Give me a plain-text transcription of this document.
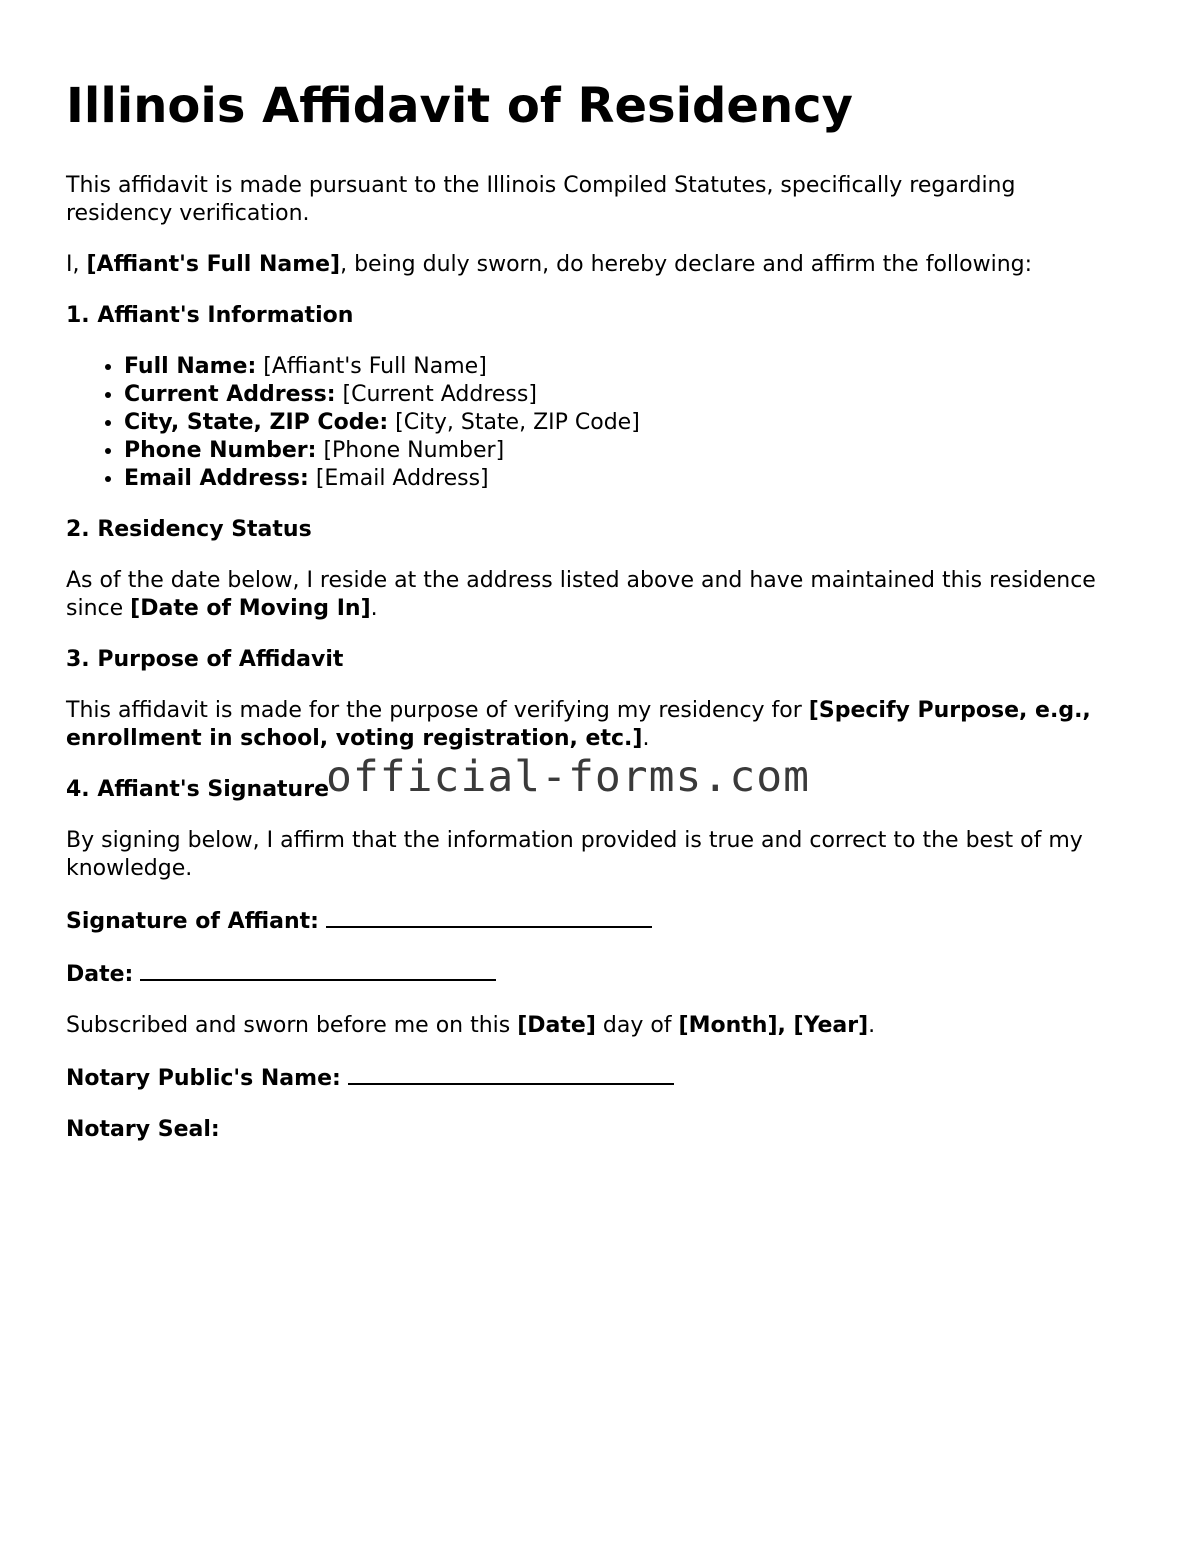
Illinois Affidavit of Residency

This affidavit is made pursuant to the Illinois Compiled Statutes, specifically regarding residency verification.

I, [Affiant's Full Name], being duly sworn, do hereby declare and affirm the following:

1. Affiant's Information
• Full Name: [Affiant's Full Name]
• Current Address: [Current Address]
• City, State, ZIP Code: [City, State, ZIP Code]
• Phone Number: [Phone Number]
• Email Address: [Email Address]
2. Residency Status

As of the date below, I reside at the address listed above and have maintained this residence since [Date of Moving In].

3. Purpose of Affidavit

This affidavit is made for the purpose of verifying my residency for [Specify Purpose, e.g., enrollment in school, voting registration, etc.].

4. Affiant's Signature

By signing below, I affirm that the information provided is true and correct to the best of my knowledge.

Signature of Affiant:

Date:

Subscribed and sworn before me on this [Date] day of [Month], [Year].

Notary Public's Name:

Notary Seal:

official-forms.com
